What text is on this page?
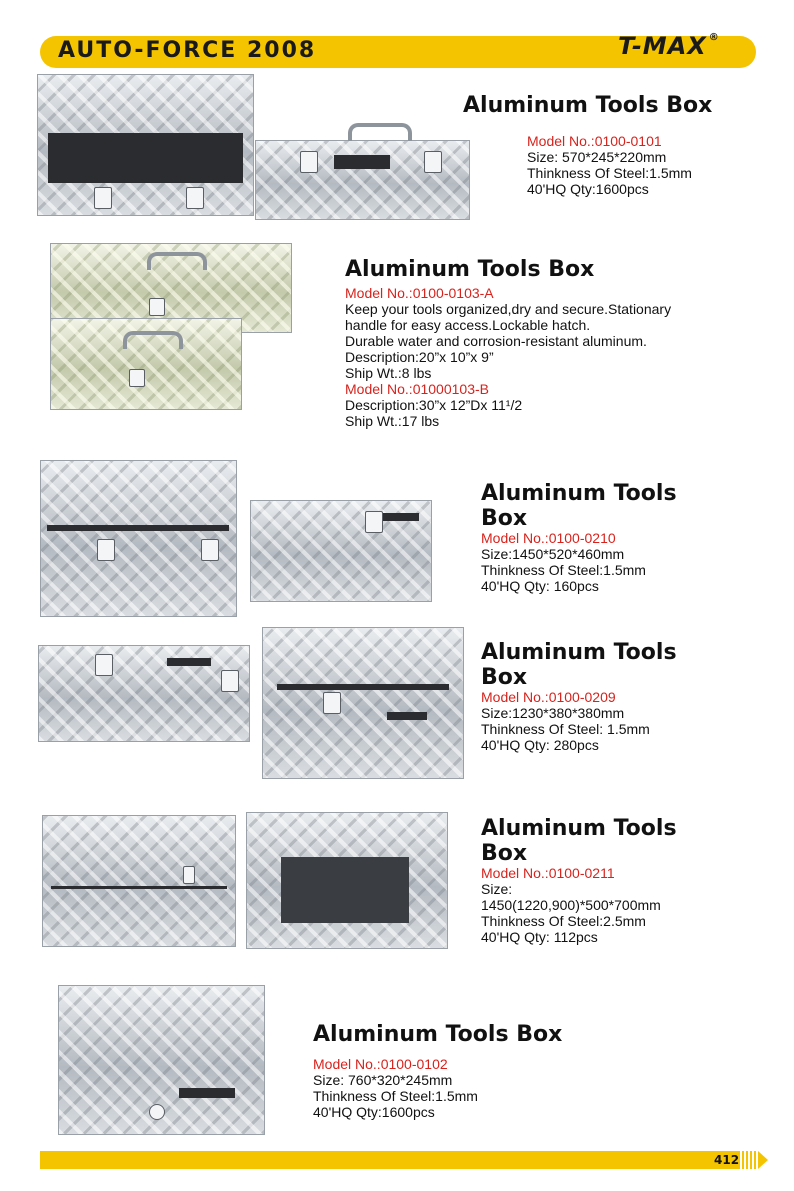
AUTO-FORCE 2008	T-MAX ®
Aluminum Tools Box
Model No.:0100-0101
Size: 570*245*220mm
Thinkness Of Steel:1.5mm
40'HQ Qty:1600pcs
Aluminum Tools Box
Model No.:0100-0103-A
Keep your tools organized,dry and secure.Stationary
handle for easy access.Lockable hatch.
Durable water and corrosion-resistant aluminum.
Description:20”x 10”x 9”
Ship Wt.:8 lbs
Model No.:01000103-B
Description:30”x 12”Dx 11¹/2
Ship Wt.:17 lbs
Aluminum Tools
Box
Model No.:0100-0210
Size:1450*520*460mm
Thinkness Of Steel:1.5mm
40'HQ Qty: 160pcs
Aluminum Tools
Box
Model No.:0100-0209
Size:1230*380*380mm
Thinkness Of Steel: 1.5mm
40'HQ Qty: 280pcs
Aluminum Tools
Box
Model No.:0100-0211
Size:
1450(1220,900)*500*700mm
Thinkness Of Steel:2.5mm
40'HQ Qty: 112pcs
Aluminum Tools Box
Model No.:0100-0102
Size: 760*320*245mm
Thinkness Of Steel:1.5mm
40'HQ Qty:1600pcs
412
